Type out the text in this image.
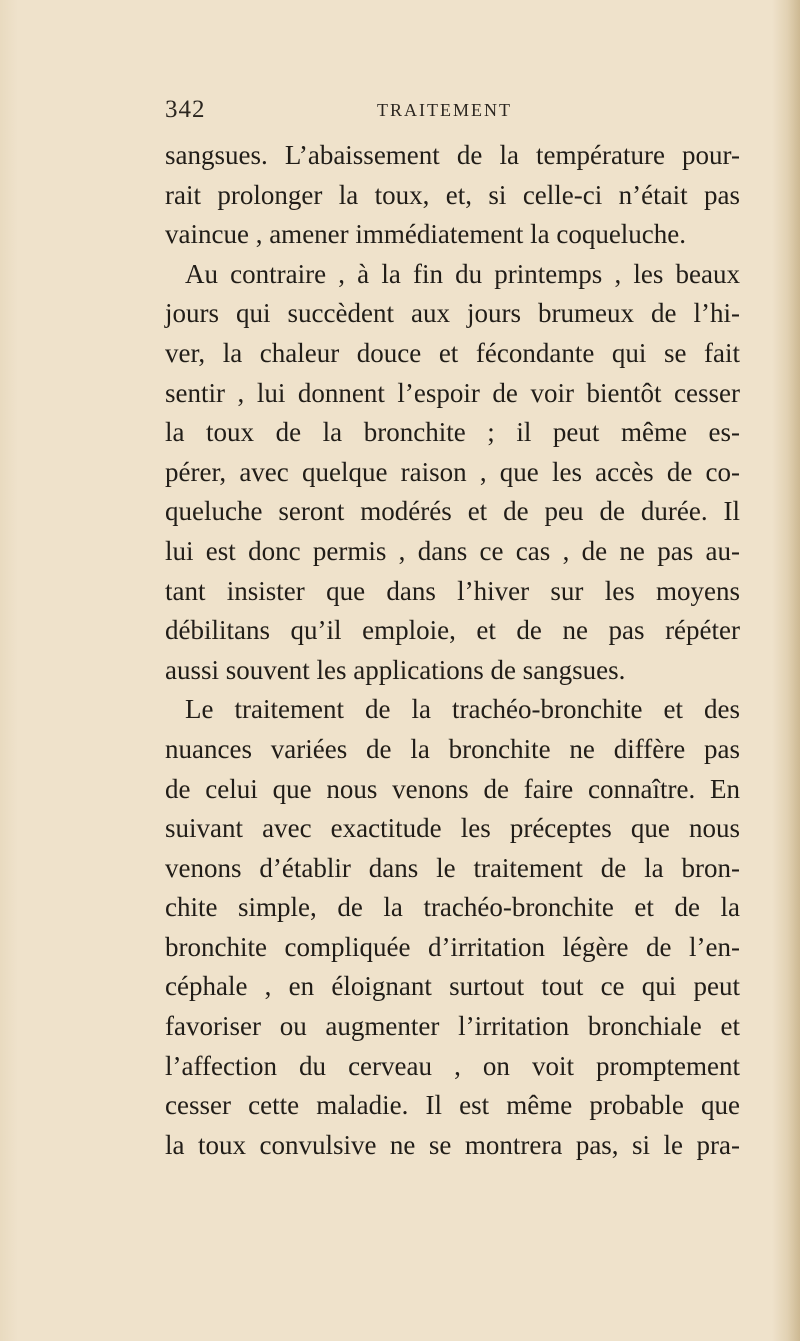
342	TRAITEMENT
sangsues. L’abaissement de la température pour-
rait prolonger la toux, et, si celle-ci n’était pas
vaincue , amener immédiatement la coqueluche.
Au contraire , à la fin du printemps , les beaux
jours qui succèdent aux jours brumeux de l’hi-
ver, la chaleur douce et fécondante qui se fait
sentir , lui donnent l’espoir de voir bientôt cesser
la toux de la bronchite ; il peut même es-
pérer, avec quelque raison , que les accès de co-
queluche seront modérés et de peu de durée. Il
lui est donc permis , dans ce cas , de ne pas au-
tant insister que dans l’hiver sur les moyens
débilitans qu’il emploie, et de ne pas répéter
aussi souvent les applications de sangsues.
Le traitement de la trachéo-bronchite et des
nuances variées de la bronchite ne diffère pas
de celui que nous venons de faire connaître. En
suivant avec exactitude les préceptes que nous
venons d’établir dans le traitement de la bron-
chite simple, de la trachéo-bronchite et de la
bronchite compliquée d’irritation légère de l’en-
céphale , en éloignant surtout tout ce qui peut
favoriser ou augmenter l’irritation bronchiale et
l’affection du cerveau , on voit promptement
cesser cette maladie. Il est même probable que
la toux convulsive ne se montrera pas, si le pra-
